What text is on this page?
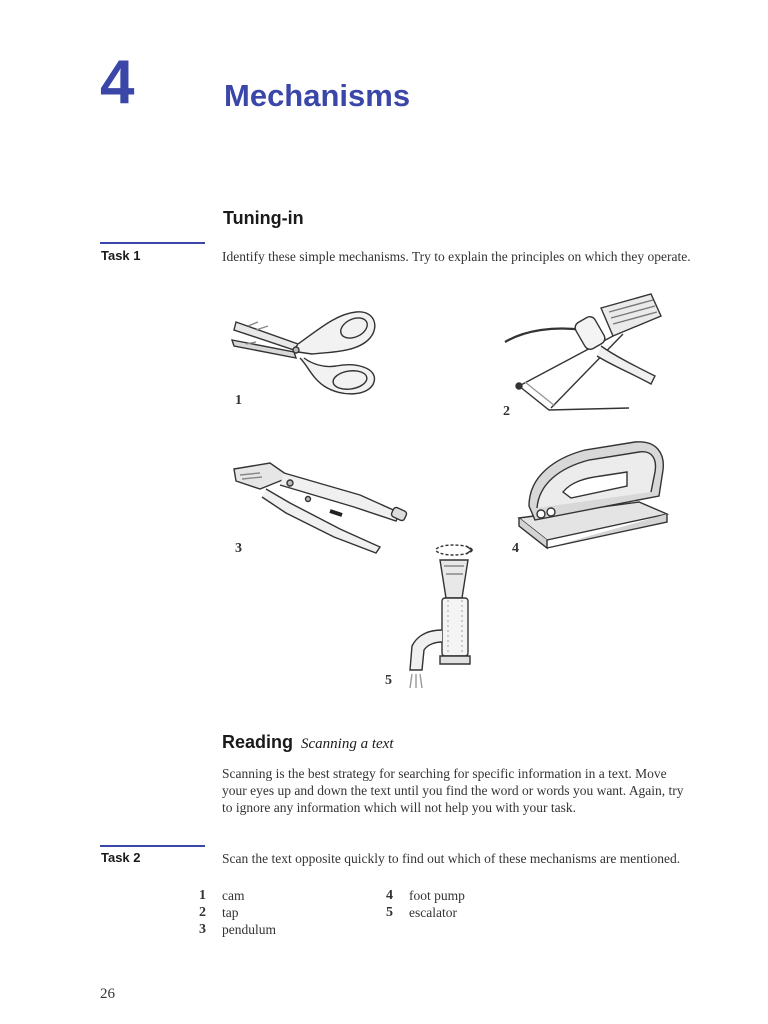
4	Mechanisms
Tuning-in
Task 1	Identify these simple mechanisms. Try to explain the principles on which they operate.
1
2
3	4
5
Reading Scanning a text
Scanning is the best strategy for searching for specific information in a text. Move your eyes up and down the text until you find the word or words you want. Again, try to ignore any information which will not help you with your task.
Task 2	Scan the text opposite quickly to find out which of these mechanisms are mentioned.
1 cam
2 tap
3 pendulum
4 foot pump
5 escalator
26
